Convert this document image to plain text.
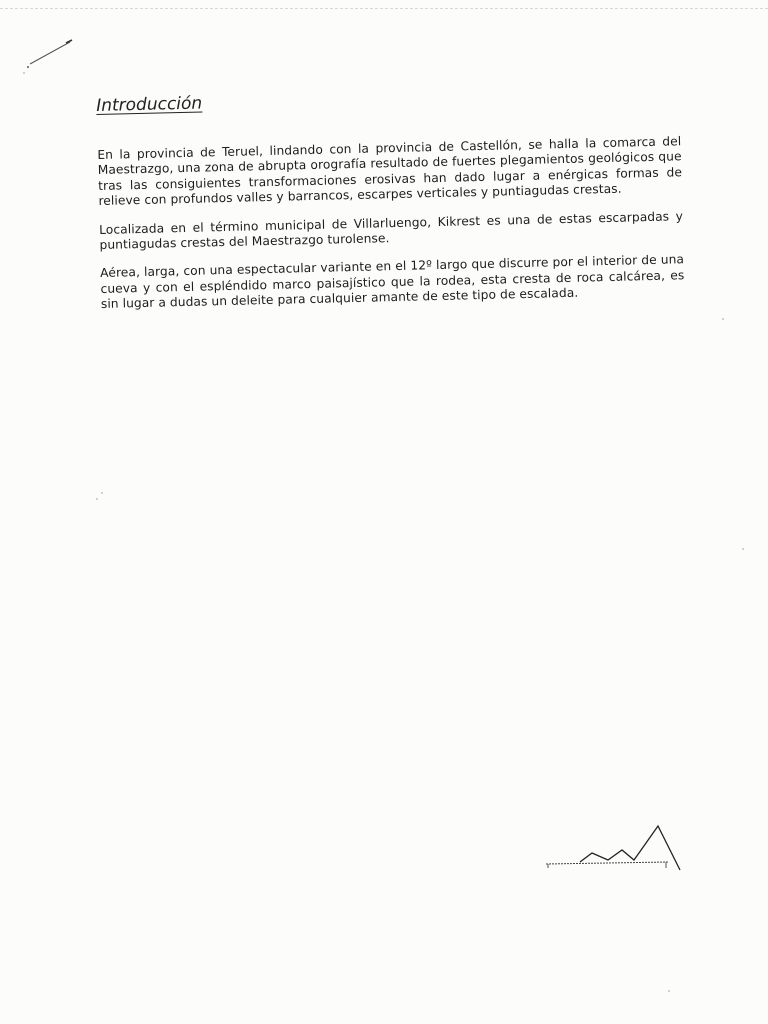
Introducción

En la provincia de Teruel, lindando con la provincia de Castellón, se halla la comarca del Maestrazgo, una zona de abrupta orografía resultado de fuertes plegamientos geológicos que tras las consiguientes transformaciones erosivas han dado lugar a enérgicas formas de relieve con profundos valles y barrancos, escarpes verticales y puntiagudas crestas.

Localizada en el término municipal de Villarluengo, Kikrest es una de estas escarpadas y puntiagudas crestas del Maestrazgo turolense.

Aérea, larga, con una espectacular variante en el 12º largo que discurre por el interior de una cueva y con el espléndido marco paisajístico que la rodea, esta cresta de roca calcárea, es sin lugar a dudas un deleite para cualquier amante de este tipo de escalada.
